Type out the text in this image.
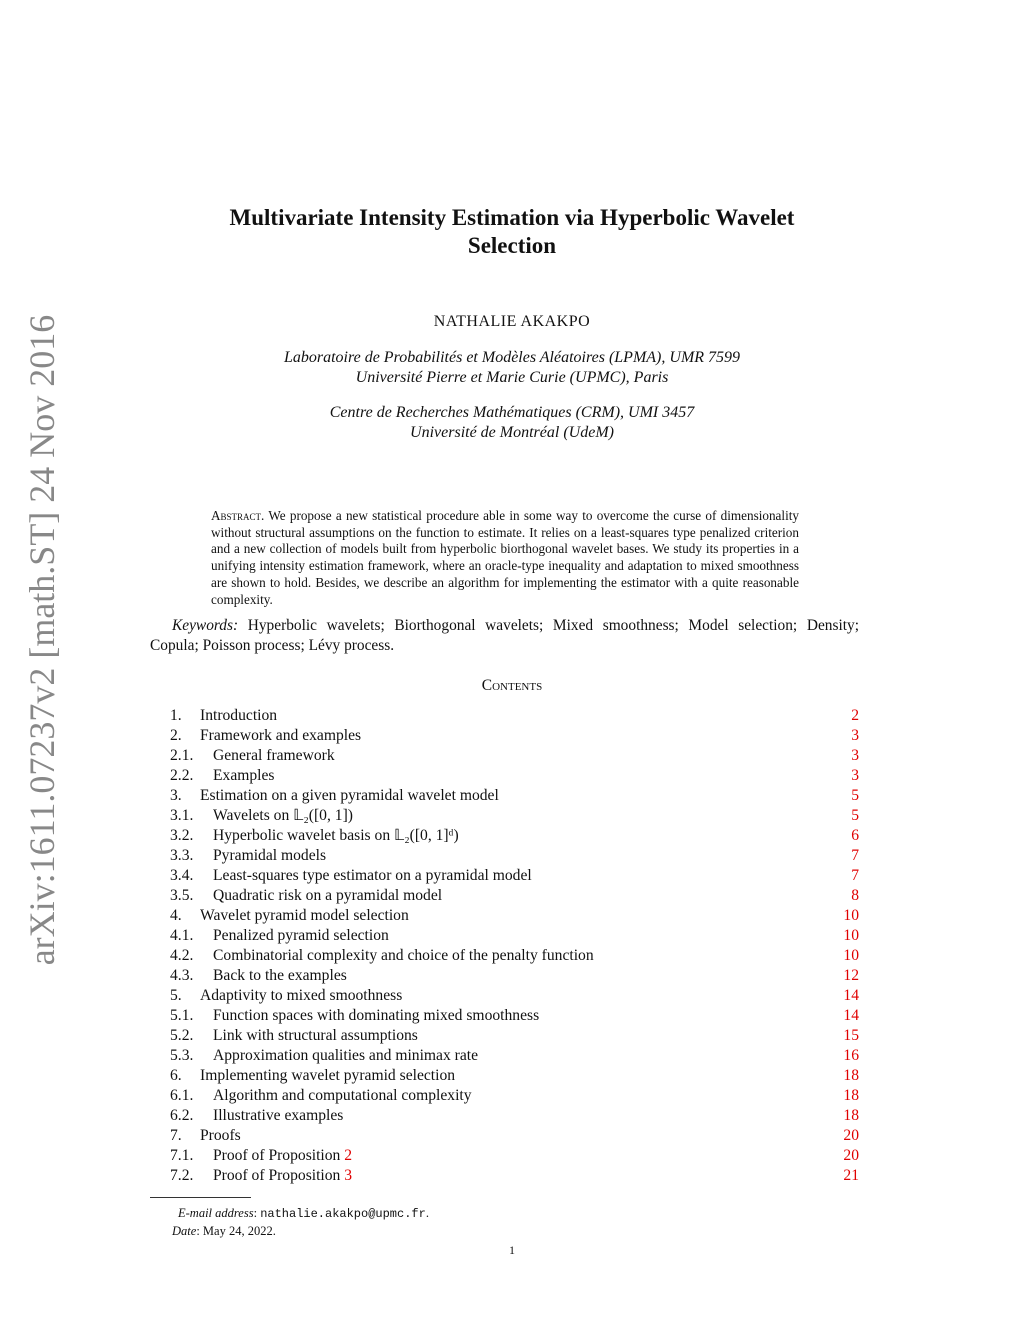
arXiv:1611.07237v2 [math.ST] 24 Nov 2016
Multivariate Intensity Estimation via Hyperbolic Wavelet
Selection
NATHALIE AKAKPO
Laboratoire de Probabilités et Modèles Aléatoires (LPMA), UMR 7599
Université Pierre et Marie Curie (UPMC), Paris
Centre de Recherches Mathématiques (CRM), UMI 3457
Université de Montréal (UdeM)
Abstract. We propose a new statistical procedure able in some way to overcome the curse of dimensionality without structural assumptions on the function to estimate. It relies on a least-squares type penalized criterion and a new collection of models built from hyperbolic biorthogonal wavelet bases. We study its properties in a unifying intensity estimation framework, where an oracle-type inequality and adaptation to mixed smoothness are shown to hold. Besides, we describe an algorithm for implementing the estimator with a quite reasonable complexity.
Keywords: Hyperbolic wavelets; Biorthogonal wavelets; Mixed smoothness; Model selection; Density; Copula; Poisson process; Lévy process.
Contents
1. Introduction	2
2. Framework and examples	3
2.1. General framework	3
2.2. Examples	3
3. Estimation on a given pyramidal wavelet model	5
3.1. Wavelets on 𝕃₂([0, 1])	5
3.2. Hyperbolic wavelet basis on 𝕃₂([0, 1]ᵈ)	6
3.3. Pyramidal models	7
3.4. Least-squares type estimator on a pyramidal model	7
3.5. Quadratic risk on a pyramidal model	8
4. Wavelet pyramid model selection	10
4.1. Penalized pyramid selection	10
4.2. Combinatorial complexity and choice of the penalty function	10
4.3. Back to the examples	12
5. Adaptivity to mixed smoothness	14
5.1. Function spaces with dominating mixed smoothness	14
5.2. Link with structural assumptions	15
5.3. Approximation qualities and minimax rate	16
6. Implementing wavelet pyramid selection	18
6.1. Algorithm and computational complexity	18
6.2. Illustrative examples	18
7. Proofs	20
7.1. Proof of Proposition 2	20
7.2. Proof of Proposition 3	21
E-mail address: nathalie.akakpo@upmc.fr.
Date: May 24, 2022.
1
